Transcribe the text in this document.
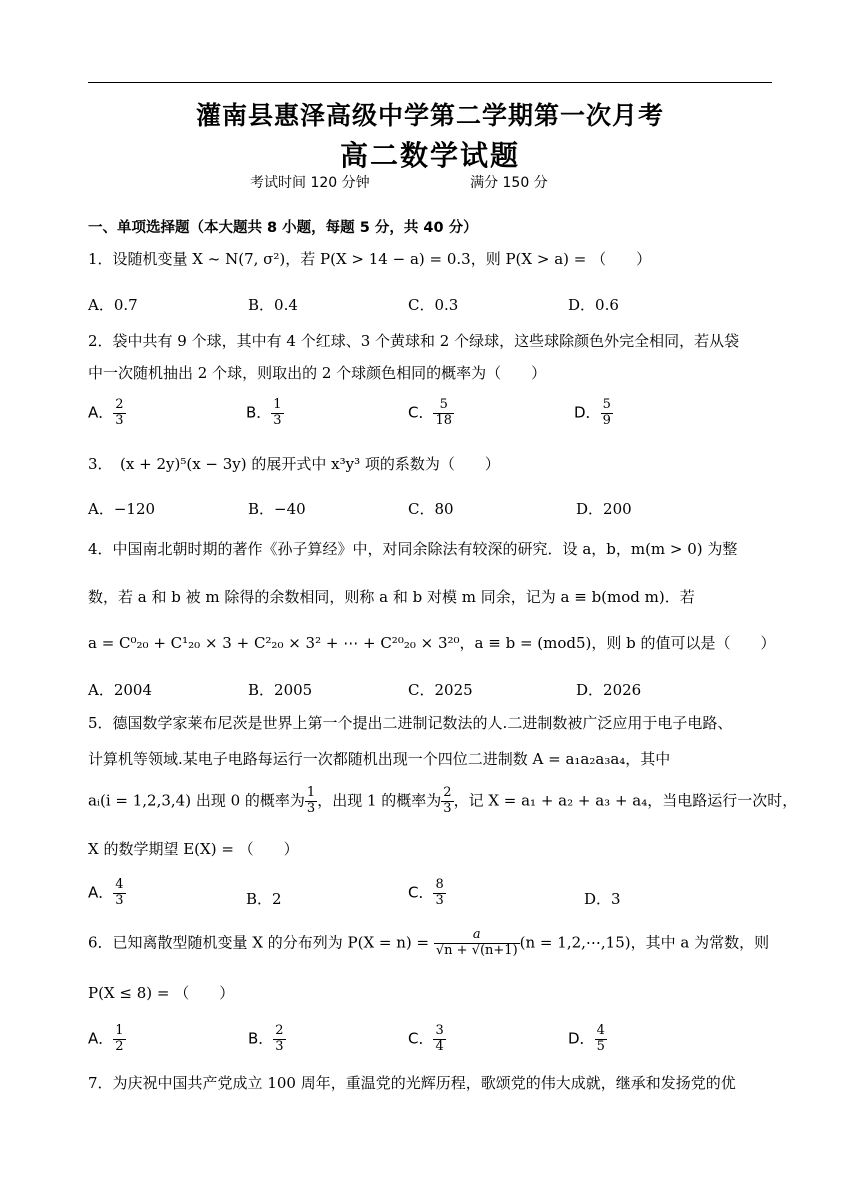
灌南县惠泽高级中学第二学期第一次月考
高二数学试题
考试时间 120 分钟	满分 150 分
一、单项选择题（本大题共 8 小题，每题 5 分，共 40 分）
1．设随机变量 X ~ N(7, σ²)，若 P(X > 14 − a) = 0.3，则 P(X > a) = （　　）
A．0.7	B．0.4	C．0.3	D．0.6
2．袋中共有 9 个球，其中有 4 个红球、3 个黄球和 2 个绿球，这些球除颜色外完全相同，若从袋
中一次随机抽出 2 个球，则取出的 2 个球颜色相同的概率为（　　）
A． $\frac{2}{3}$	B． $\frac{1}{3}$	C． $\frac{5}{18}$	D． $\frac{5}{9}$
3．　(x + 2y)⁵(x − 3y) 的展开式中 x³y³ 项的系数为（　　）
A．−120	B．−40	C．80	D．200
4．中国南北朝时期的著作《孙子算经》中，对同余除法有较深的研究．设 a，b，m(m > 0) 为整
数，若 a 和 b 被 m 除得的余数相同，则称 a 和 b 对模 m 同余，记为 a ≡ b(mod m)．若
a = C⁰₂₀ + C¹₂₀ × 3 + C²₂₀ × 3² + ⋯ + C²⁰₂₀ × 3²⁰，a ≡ b = (mod5)，则 b 的值可以是（　　）
A．2004	B．2005	C．2025	D．2026
5．德国数学家莱布尼茨是世界上第一个提出二进制记数法的人.二进制数被广泛应用于电子电路、
计算机等领域.某电子电路每运行一次都随机出现一个四位二进制数 A = a₁a₂a₃a₄，其中
aᵢ(i = 1,2,3,4) 出现 0 的概率为 $\frac{1}{3}$ ，出现 1 的概率为 $\frac{2}{3}$ ，记 X = a₁ + a₂ + a₃ + a₄，当电路运行一次时，
X 的数学期望 E(X) = （　　）
A． $\frac{4}{3}$	B．2	C． $\frac{8}{3}$	D．3
6．已知离散型随机变量 X 的分布列为 $P(X = n) = \frac{a}{√n + √(n+1)} (n$ = 1,2,⋯,15)，其中 a 为常数，则
P(X ≤ 8) = （　　）
A． $\frac{1}{2}$	B． $\frac{2}{3}$	C． $\frac{3}{4}$	D． $\frac{4}{5}$
7．为庆祝中国共产党成立 100 周年，重温党的光辉历程，歌颂党的伟大成就，继承和发扬党的优
